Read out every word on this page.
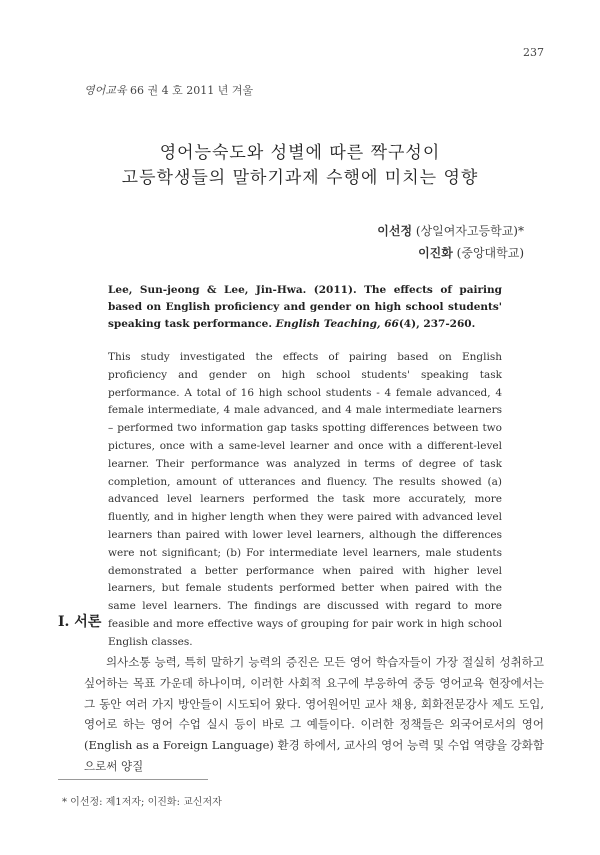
237
영어교육 66 권 4 호 2011 년 겨울
영어능숙도와 성별에 따른 짝구성이
고등학생들의 말하기과제 수행에 미치는 영향
이선정 (상일여자고등학교)*
이진화 (중앙대학교)
Lee, Sun-jeong & Lee, Jin-Hwa. (2011). The effects of pairing based on English proficiency and gender on high school students' speaking task performance. English Teaching, 66(4), 237-260.
This study investigated the effects of pairing based on English proficiency and gender on high school students' speaking task performance. A total of 16 high school students - 4 female advanced, 4 female intermediate, 4 male advanced, and 4 male intermediate learners – performed two information gap tasks spotting differences between two pictures, once with a same-level learner and once with a different-level learner. Their performance was analyzed in terms of degree of task completion, amount of utterances and fluency. The results showed (a) advanced level learners performed the task more accurately, more fluently, and in higher length when they were paired with advanced level learners than paired with lower level learners, although the differences were not significant; (b) For intermediate level learners, male students demonstrated a better performance when paired with higher level learners, but female students performed better when paired with the same level learners. The findings are discussed with regard to more feasible and more effective ways of grouping for pair work in high school English classes.
I. 서론

의사소통 능력, 특히 말하기 능력의 증진은 모든 영어 학습자들이 가장 절실히 성취하고 싶어하는 목표 가운데 하나이며, 이러한 사회적 요구에 부응하여 중등 영어교육 현장에서는 그 동안 여러 가지 방안들이 시도되어 왔다. 영어원어민 교사 채용, 회화전문강사 제도 도입, 영어로 하는 영어 수업 실시 등이 바로 그 예들이다. 이러한 정책들은 외국어로서의 영어(English as a Foreign Language) 환경 하에서, 교사의 영어 능력 및 수업 역량을 강화함으로써 양질

* 이선정: 제1저자; 이진화: 교신저자
